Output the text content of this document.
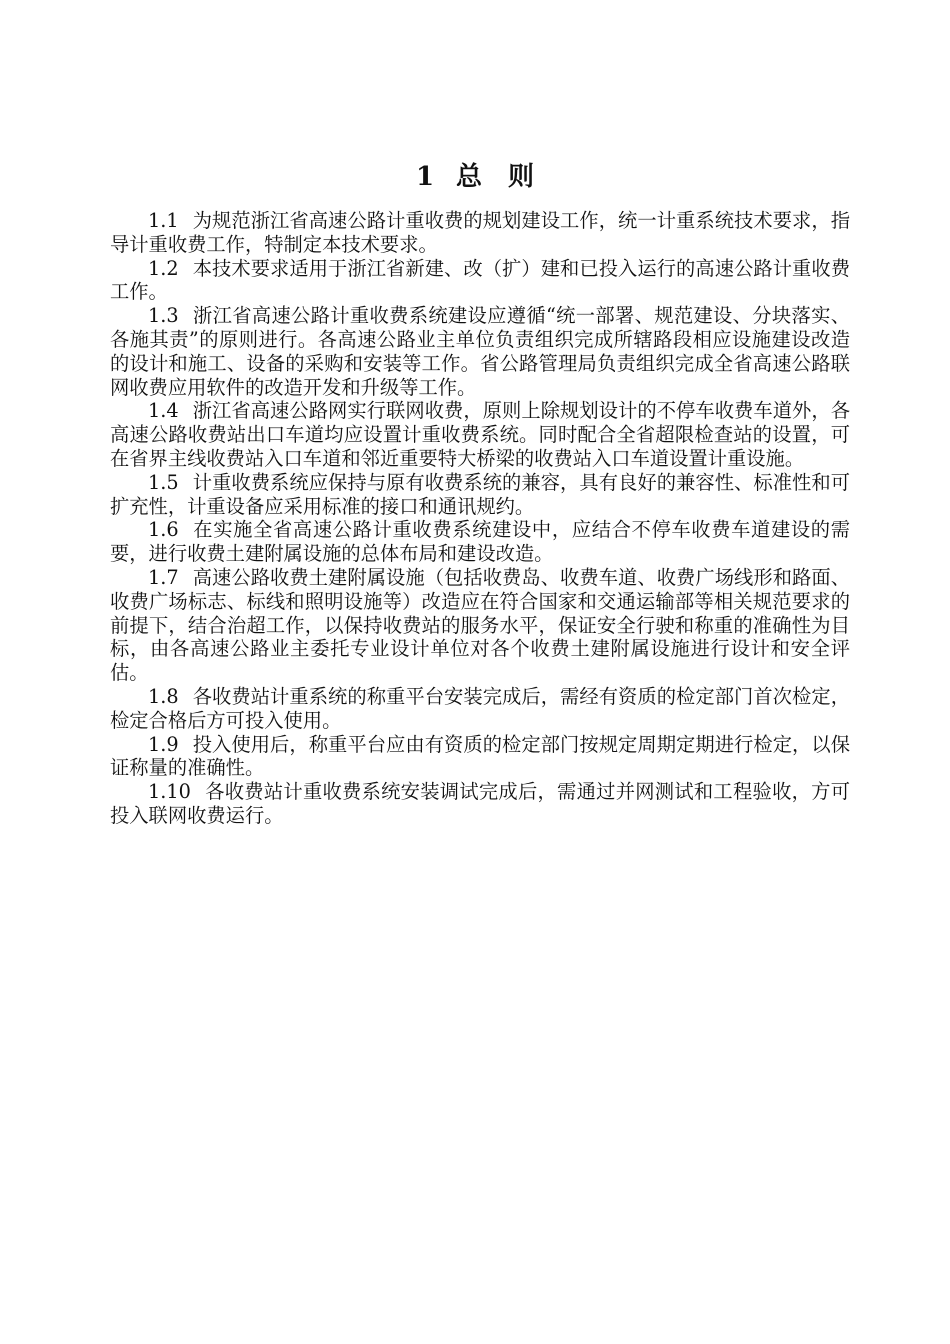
1 总 则

1.1 为规范浙江省高速公路计重收费的规划建设工作，统一计重系统技术要求，指导计重收费工作，特制定本技术要求。

1.2 本技术要求适用于浙江省新建、改（扩）建和已投入运行的高速公路计重收费工作。

1.3 浙江省高速公路计重收费系统建设应遵循“统一部署、规范建设、分块落实、各施其责”的原则进行。各高速公路业主单位负责组织完成所辖路段相应设施建设改造的设计和施工、设备的采购和安装等工作。省公路管理局负责组织完成全省高速公路联网收费应用软件的改造开发和升级等工作。

1.4 浙江省高速公路网实行联网收费，原则上除规划设计的不停车收费车道外，各高速公路收费站出口车道均应设置计重收费系统。同时配合全省超限检查站的设置，可在省界主线收费站入口车道和邻近重要特大桥梁的收费站入口车道设置计重设施。

1.5 计重收费系统应保持与原有收费系统的兼容，具有良好的兼容性、标准性和可扩充性，计重设备应采用标准的接口和通讯规约。

1.6 在实施全省高速公路计重收费系统建设中，应结合不停车收费车道建设的需要，进行收费土建附属设施的总体布局和建设改造。

1.7 高速公路收费土建附属设施（包括收费岛、收费车道、收费广场线形和路面、收费广场标志、标线和照明设施等）改造应在符合国家和交通运输部等相关规范要求的前提下，结合治超工作，以保持收费站的服务水平，保证安全行驶和称重的准确性为目标，由各高速公路业主委托专业设计单位对各个收费土建附属设施进行设计和安全评估。

1.8 各收费站计重系统的称重平台安装完成后，需经有资质的检定部门首次检定，检定合格后方可投入使用。

1.9 投入使用后，称重平台应由有资质的检定部门按规定周期定期进行检定，以保证称量的准确性。

1.10 各收费站计重收费系统安装调试完成后，需通过并网测试和工程验收，方可投入联网收费运行。
